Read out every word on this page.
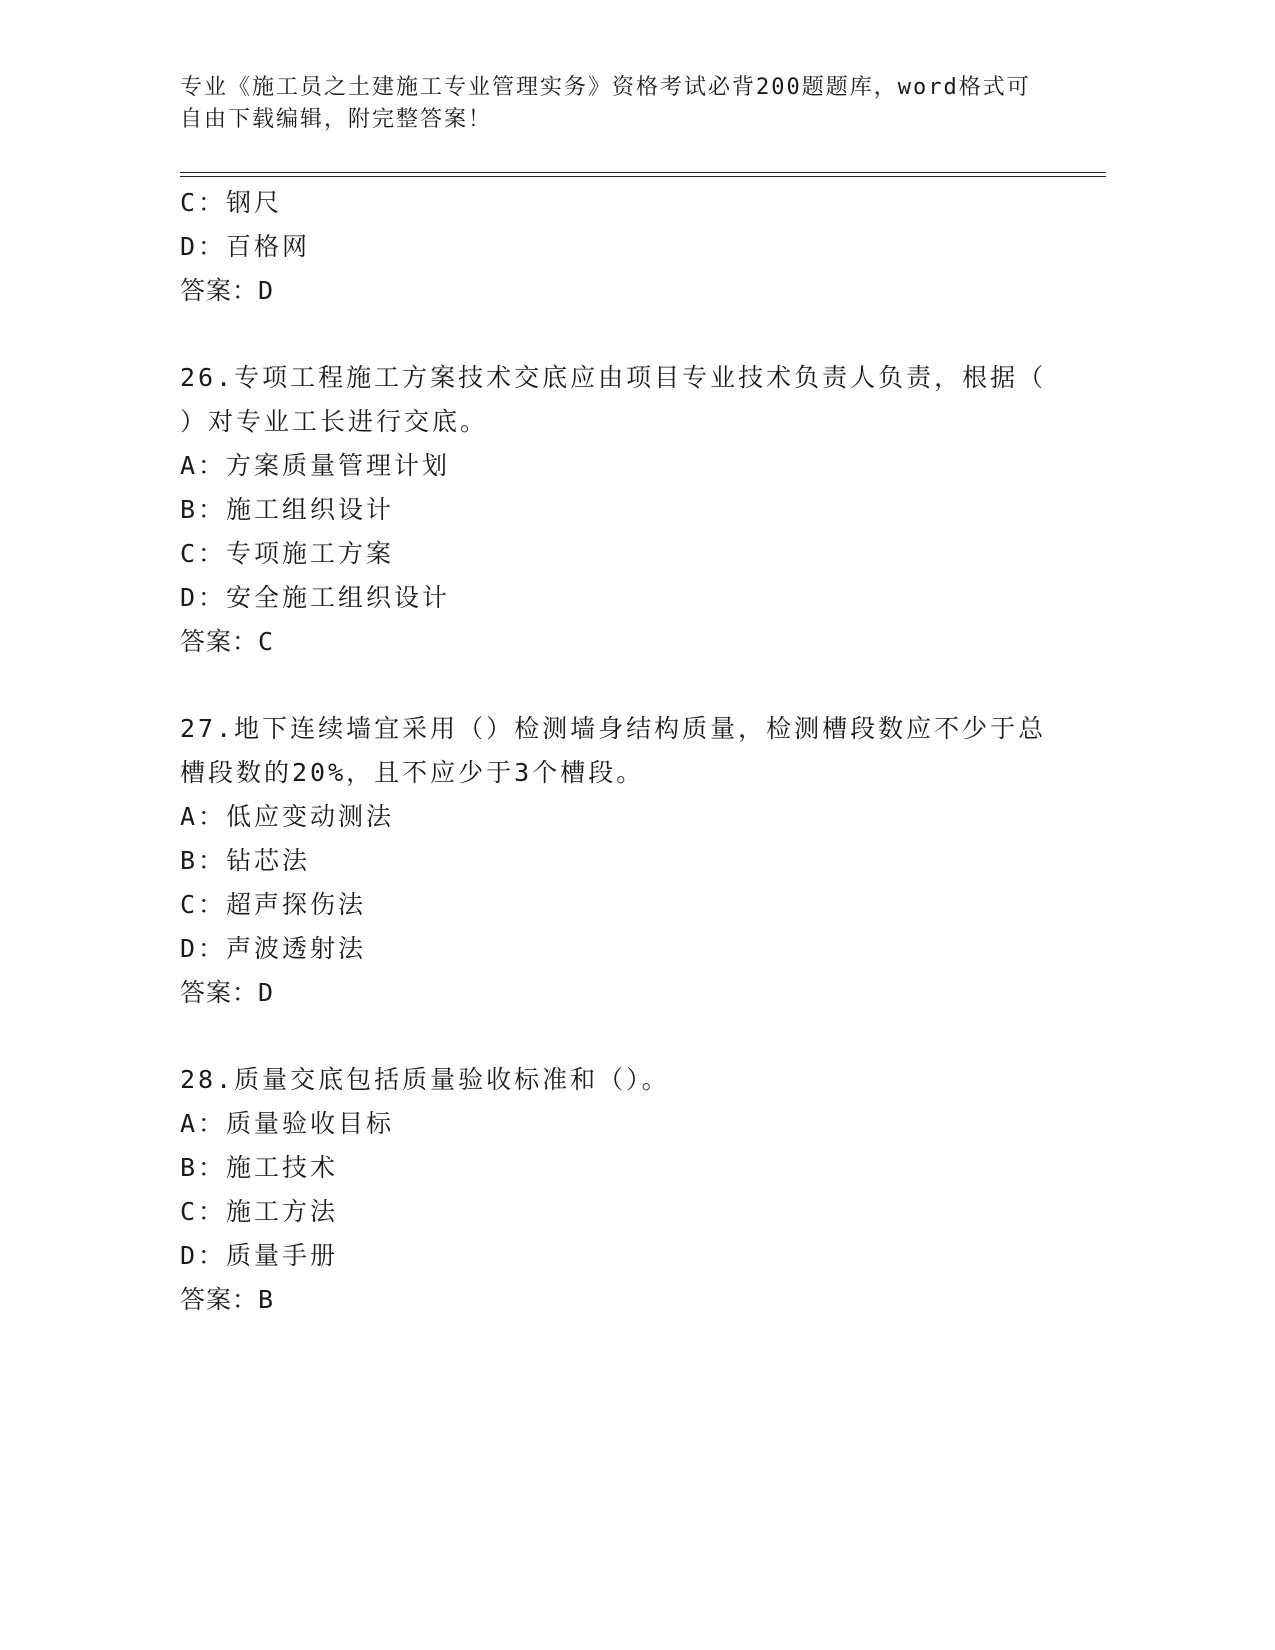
专业《施工员之土建施工专业管理实务》资格考试必背200题题库，word格式可
自由下载编辑，附完整答案！
C：钢尺
D：百格网
答案：D
26.专项工程施工方案技术交底应由项目专业技术负责人负责，根据（
）对专业工长进行交底。
A：方案质量管理计划
B：施工组织设计
C：专项施工方案
D：安全施工组织设计
答案：C
27.地下连续墙宜采用（）检测墙身结构质量，检测槽段数应不少于总
槽段数的20%，且不应少于3个槽段。
A：低应变动测法
B：钻芯法
C：超声探伤法
D：声波透射法
答案：D
28.质量交底包括质量验收标准和（）。
A：质量验收目标
B：施工技术
C：施工方法
D：质量手册
答案：B
